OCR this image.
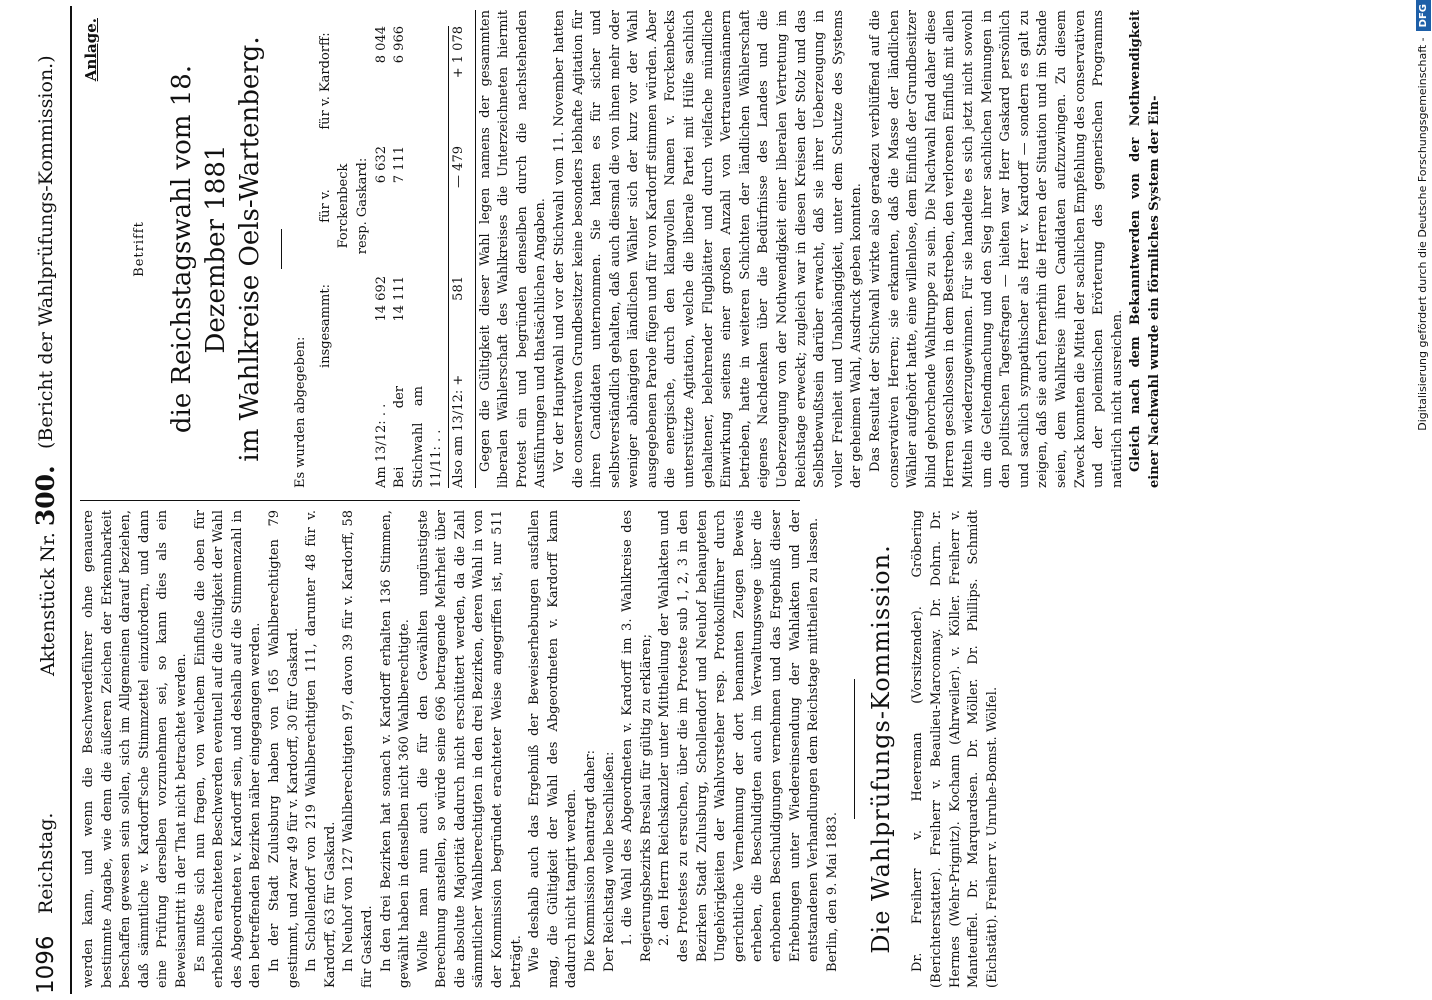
1096
Reichstag.
Aktenstück Nr. 300.
(Bericht der Wahlprüfungs-Kommission.)

werden kann, und wenn die Beschwerdeführer ohne genauere bestimmte Angabe, wie denn die äußeren Zeichen der Erkennbarkeit beschaffen gewesen sein sollen, sich im Allgemeinen darauf beziehen, daß sämmtliche v. Kardorff'sche Stimmzettel einzufordern, und dann eine Prüfung derselben vorzunehmen sei, so kann dies als ein Beweisantritt in der That nicht betrachtet werden. Es mußte sich nun fragen, von welchem Einfluße die oben für erheblich erachteten Beschwerden eventuell auf die Gültigkeit der Wahl des Abgeordneten v. Kardorff sein, und deshalb auf die Stimmenzahl in den betreffenden Bezirken näher eingegangen werden. In der Stadt Zulusburg haben von 165 Wahlberechtigten 79 gestimmt, und zwar 49 für v. Kardorff, 30 für Gaskard. In Schollendorf von 219 Wahlberechtigten 111, darunter 48 für v. Kardorff, 63 für Gaskard. In Neuhof von 127 Wahlberechtigten 97, davon 39 für v. Kardorff, 58 für Gaskard. In den drei Bezirken hat sonach v. Kardorff erhalten 136 Stimmen, gewählt haben in denselben nicht 360 Wahlberechtigte. Wollte man nun auch die für den Gewählten ungünstigste Berechnung anstellen, so würde seine 696 betragende Mehrheit über die absolute Majorität dadurch nicht erschüttert werden, da die Zahl sämmtlicher Wahlberechtigten in den drei Bezirken, deren Wahl in von der Kommission begründet erachteter Weise angegriffen ist, nur 511 beträgt. Wie deshalb auch das Ergebniß der Beweiserhebungen ausfallen mag, die Gültigkeit der Wahl des Abgeordneten v. Kardorff kann dadurch nicht tangirt werden. Die Kommission beantragt daher: Der Reichstag wolle beschließen: 1. die Wahl des Abgeordneten v. Kardorff im 3. Wahlkreise des Regierungsbezirks Breslau für gültig zu erklären; 2. den Herrn Reichskanzler unter Mittheilung der Wahlakten und des Protestes zu ersuchen, über die im Proteste sub 1, 2, 3 in den Bezirken Stadt Zulusburg, Schollendorf und Neuhof behaupteten Ungehörigkeiten der Wahlvorsteher resp. Protokollführer durch gerichtliche Vernehmung der dort benannten Zeugen Beweis erheben, die Beschuldigten auch im Verwaltungswege über die erhobenen Beschuldigungen vernehmen und das Ergebniß dieser Erhebungen unter Wiedereinsendung der Wahlakten und der entstandenen Verhandlungen dem Reichstage mittheilen zu lassen. Berlin, den 9. Mai 1883. Die Wahlprüfungs-Kommission. Dr. Freiherr v. Heereman (Vorsitzender). Gröbering (Berichterstatter). Freiherr v. Beaulieu-Marconnay. Dr. Dohrn. Dr. Hermes (Wehr-Prignitz). Kochann (Ahrweiler). v. Köller. Freiherr v. Manteuffel. Dr. Marquardsen. Dr. Möller. Dr. Phillips. Schmidt (Eichstätt). Freiherr v. Unruhe-Bomst. Wölfel.

Anlage.
Betrifft die Reichstagswahl vom 18. Dezember 1881 im Wahlkreise Oels-Wartenberg. Es wurden abgegeben:

insgesammt:
für v. Forckenbeck resp. Gaskard:
für v. Kardorff:
Am 13/12: . .
14 692
6 632
8 044
Bei der Stichwahl am 11/11: . .
14 111
7 111
6 966
Also am 13/12: +
581
— 479
+ 1 078 Gegen die Gültigkeit dieser Wahl legen namens der gesammten liberalen Wählerschaft des Wahlkreises die Unterzeichneten hiermit Protest ein und begründen denselben durch die nachstehenden Ausführungen und thatsächlichen Angaben. Vor der Hauptwahl und vor der Stichwahl vom 11. November hatten die conservativen Grundbesitzer keine besonders lebhafte Agitation für ihren Candidaten unternommen. Sie hatten es für sicher und selbstverständlich gehalten, daß auch diesmal die von ihnen mehr oder weniger abhängigen ländlichen Wähler sich der kurz vor der Wahl ausgegebenen Parole fügen und für von Kardorff stimmen würden. Aber die energische, durch den klangvollen Namen v. Forckenbecks unterstützte Agitation, welche die liberale Partei mit Hülfe sachlich gehaltener, belehrender Flugblätter und durch vielfache mündliche Einwirkung seitens einer großen Anzahl von Vertrauensmännern betrieben, hatte in weiteren Schichten der ländlichen Wählerschaft eigenes Nachdenken über die Bedürfnisse des Landes und die Ueberzeugung von der Nothwendigkeit einer liberalen Vertretung im Reichstage erweckt; zugleich war in diesen Kreisen der Stolz und das Selbstbewußtsein darüber erwacht, daß sie ihrer Ueberzeugung in voller Freiheit und Unabhängigkeit, unter dem Schutze des Systems der geheimen Wahl, Ausdruck geben konnten. Das Resultat der Stichwahl wirkte also geradezu verblüffend auf die conservativen Herren; sie erkannten, daß die Masse der ländlichen Wähler aufgehört hatte, eine willenlose, dem Einfluß der Grundbesitzer blind gehorchende Wahltruppe zu sein. Die Nachwahl fand daher diese Herren geschlossen in dem Bestreben, den verlorenen Einfluß mit allen Mitteln wiederzugewinnen. Für sie handelte es sich jetzt nicht sowohl um die Geltendmachung und den Sieg ihrer sachlichen Meinungen in den politischen Tagesfragen — hielten war Herr Gaskard persönlich und sachlich sympathischer als Herr v. Kardorff — sondern es galt zu zeigen, daß sie auch fernerhin die Herren der Situation und im Stande seien, dem Wahlkreise ihren Candidaten aufzuzwingen. Zu diesem Zweck konnten die Mittel der sachlichen Empfehlung des conservativen und der polemischen Erörterung des gegnerischen Programms natürlich nicht ausreichen. Gleich nach dem Bekanntwerden von der Nothwendigkeit einer Nachwahl wurde ein förmliches System der Ein-	Digitalisierung gefördert durch die Deutsche Forschungsgemeinschaft -DFG
